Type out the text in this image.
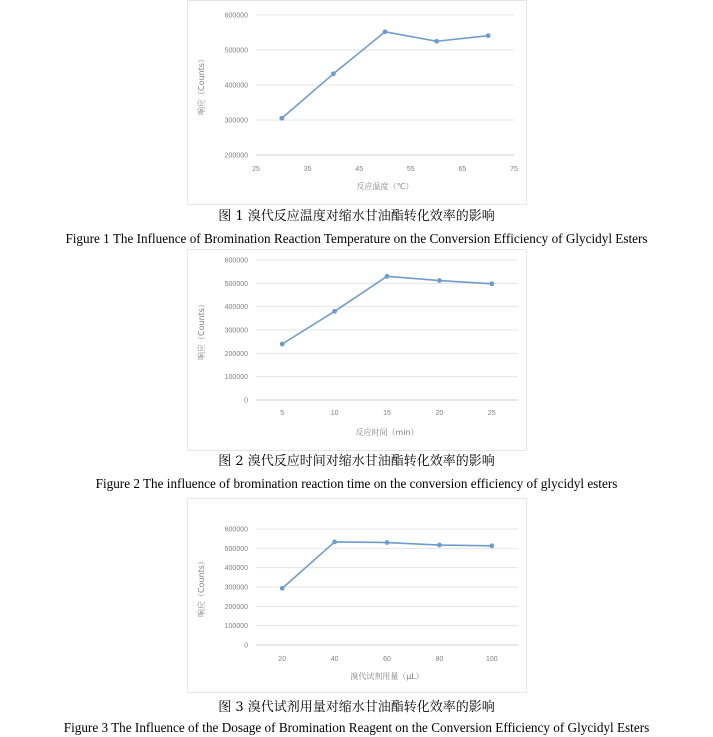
200000
300000
400000
500000
600000
25	35	45	55	65	75
反应温度（℃）
响应（Counts）
图 1 溴代反应温度对缩水甘油酯转化效率的影响
Figure 1 The Influence of Bromination Reaction Temperature on the Conversion Efficiency of Glycidyl Esters
0
100000
200000
300000
400000
500000
600000
5	10	15	20	25
反应时间（min）
响应（Counts）
图 2 溴代反应时间对缩水甘油酯转化效率的影响
Figure 2 The influence of bromination reaction time on the conversion efficiency of glycidyl esters
0
100000
200000
300000
400000
500000
600000
20	40	60	80	100
溴代试剂用量（μL）
响应（Counts）
图 3 溴代试剂用量对缩水甘油酯转化效率的影响
Figure 3 The Influence of the Dosage of Bromination Reagent on the Conversion Efficiency of Glycidyl Esters
